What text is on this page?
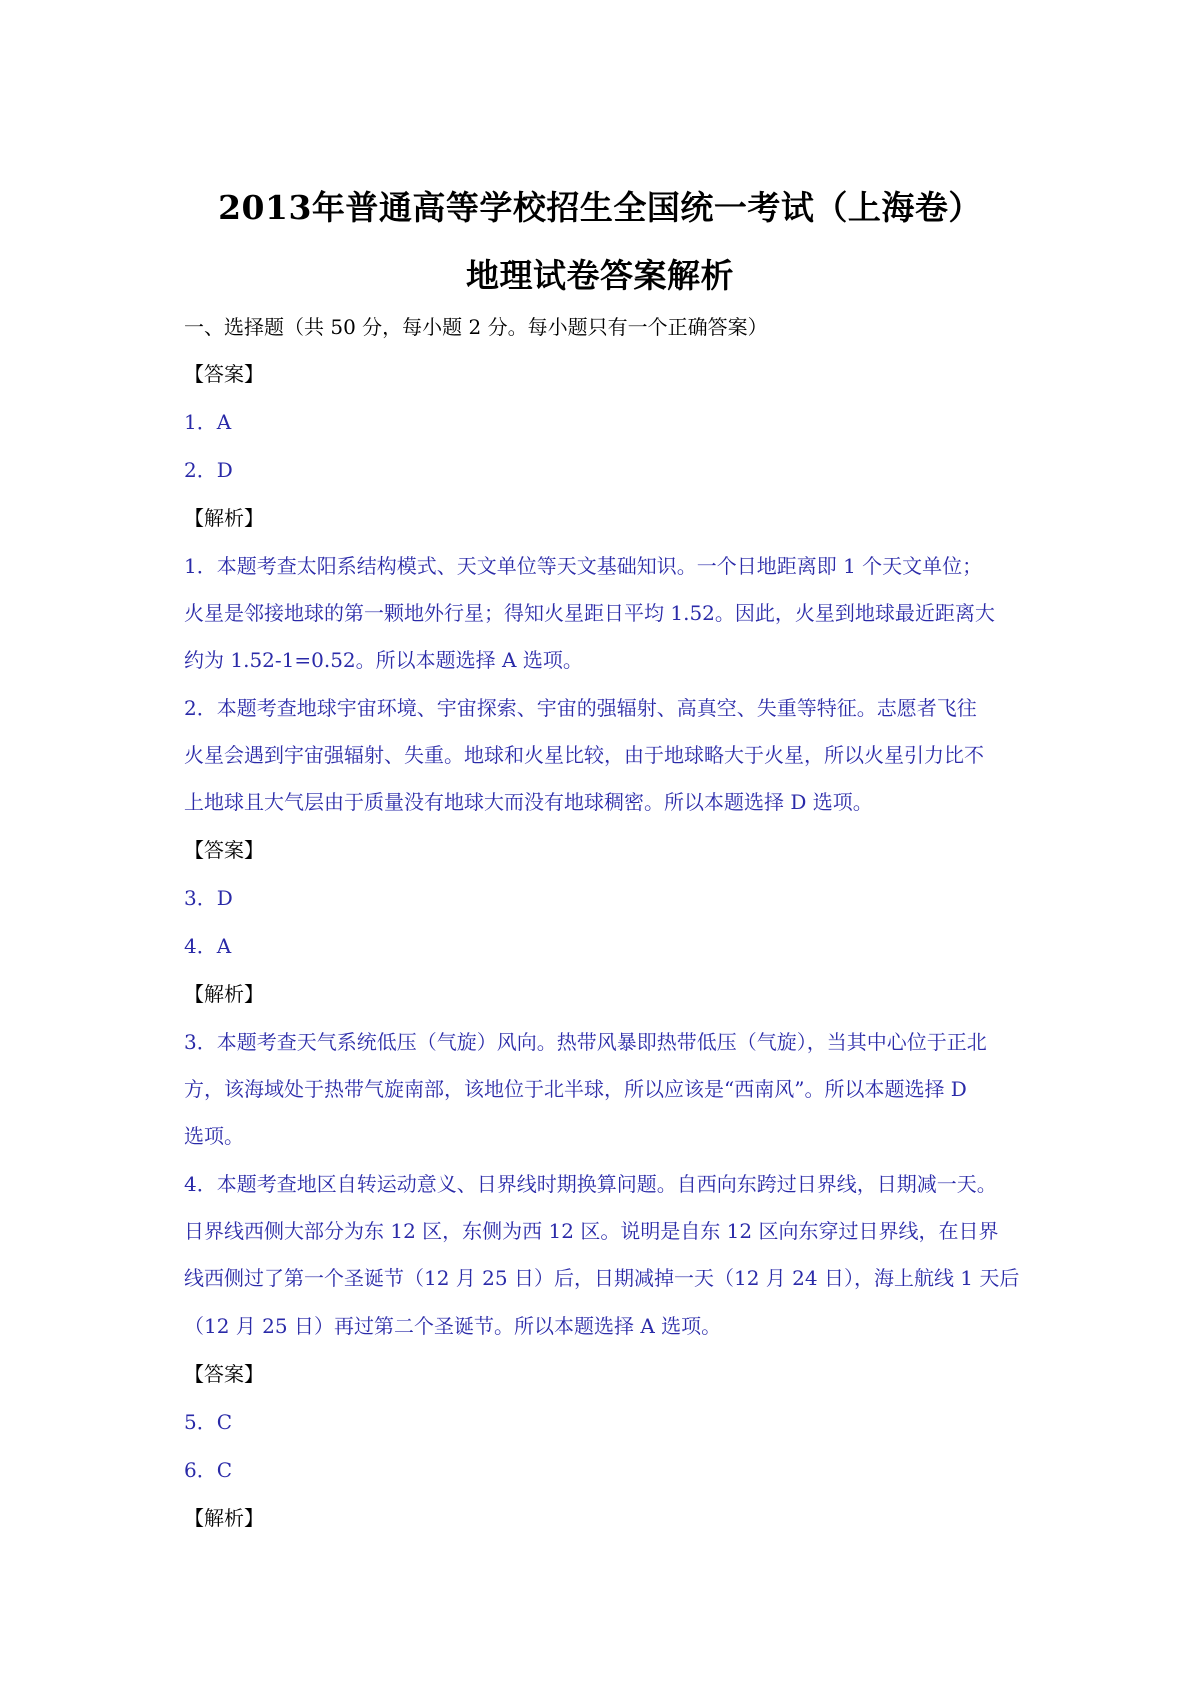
2013年普通高等学校招生全国统一考试（上海卷）
地理试卷答案解析
一、选择题（共 50 分，每小题 2 分。每小题只有一个正确答案）
【答案】
1．A
2．D
【解析】
1．本题考查太阳系结构模式、天文单位等天文基础知识。一个日地距离即 1 个天文单位；
火星是邻接地球的第一颗地外行星；得知火星距日平均 1.52。因此，火星到地球最近距离大
约为 1.52-1=0.52。所以本题选择 A 选项。
2．本题考查地球宇宙环境、宇宙探索、宇宙的强辐射、高真空、失重等特征。志愿者飞往
火星会遇到宇宙强辐射、失重。地球和火星比较，由于地球略大于火星，所以火星引力比不
上地球且大气层由于质量没有地球大而没有地球稠密。所以本题选择 D 选项。
【答案】
3．D
4．A
【解析】
3．本题考查天气系统低压（气旋）风向。热带风暴即热带低压（气旋），当其中心位于正北
方，该海域处于热带气旋南部，该地位于北半球，所以应该是“西南风”。所以本题选择 D
选项。
4．本题考查地区自转运动意义、日界线时期换算问题。自西向东跨过日界线，日期减一天。
日界线西侧大部分为东 12 区，东侧为西 12 区。说明是自东 12 区向东穿过日界线，在日界
线西侧过了第一个圣诞节（12 月 25 日）后，日期减掉一天（12 月 24 日），海上航线 1 天后
（12 月 25 日）再过第二个圣诞节。所以本题选择 A 选项。
【答案】
5．C
6．C
【解析】
